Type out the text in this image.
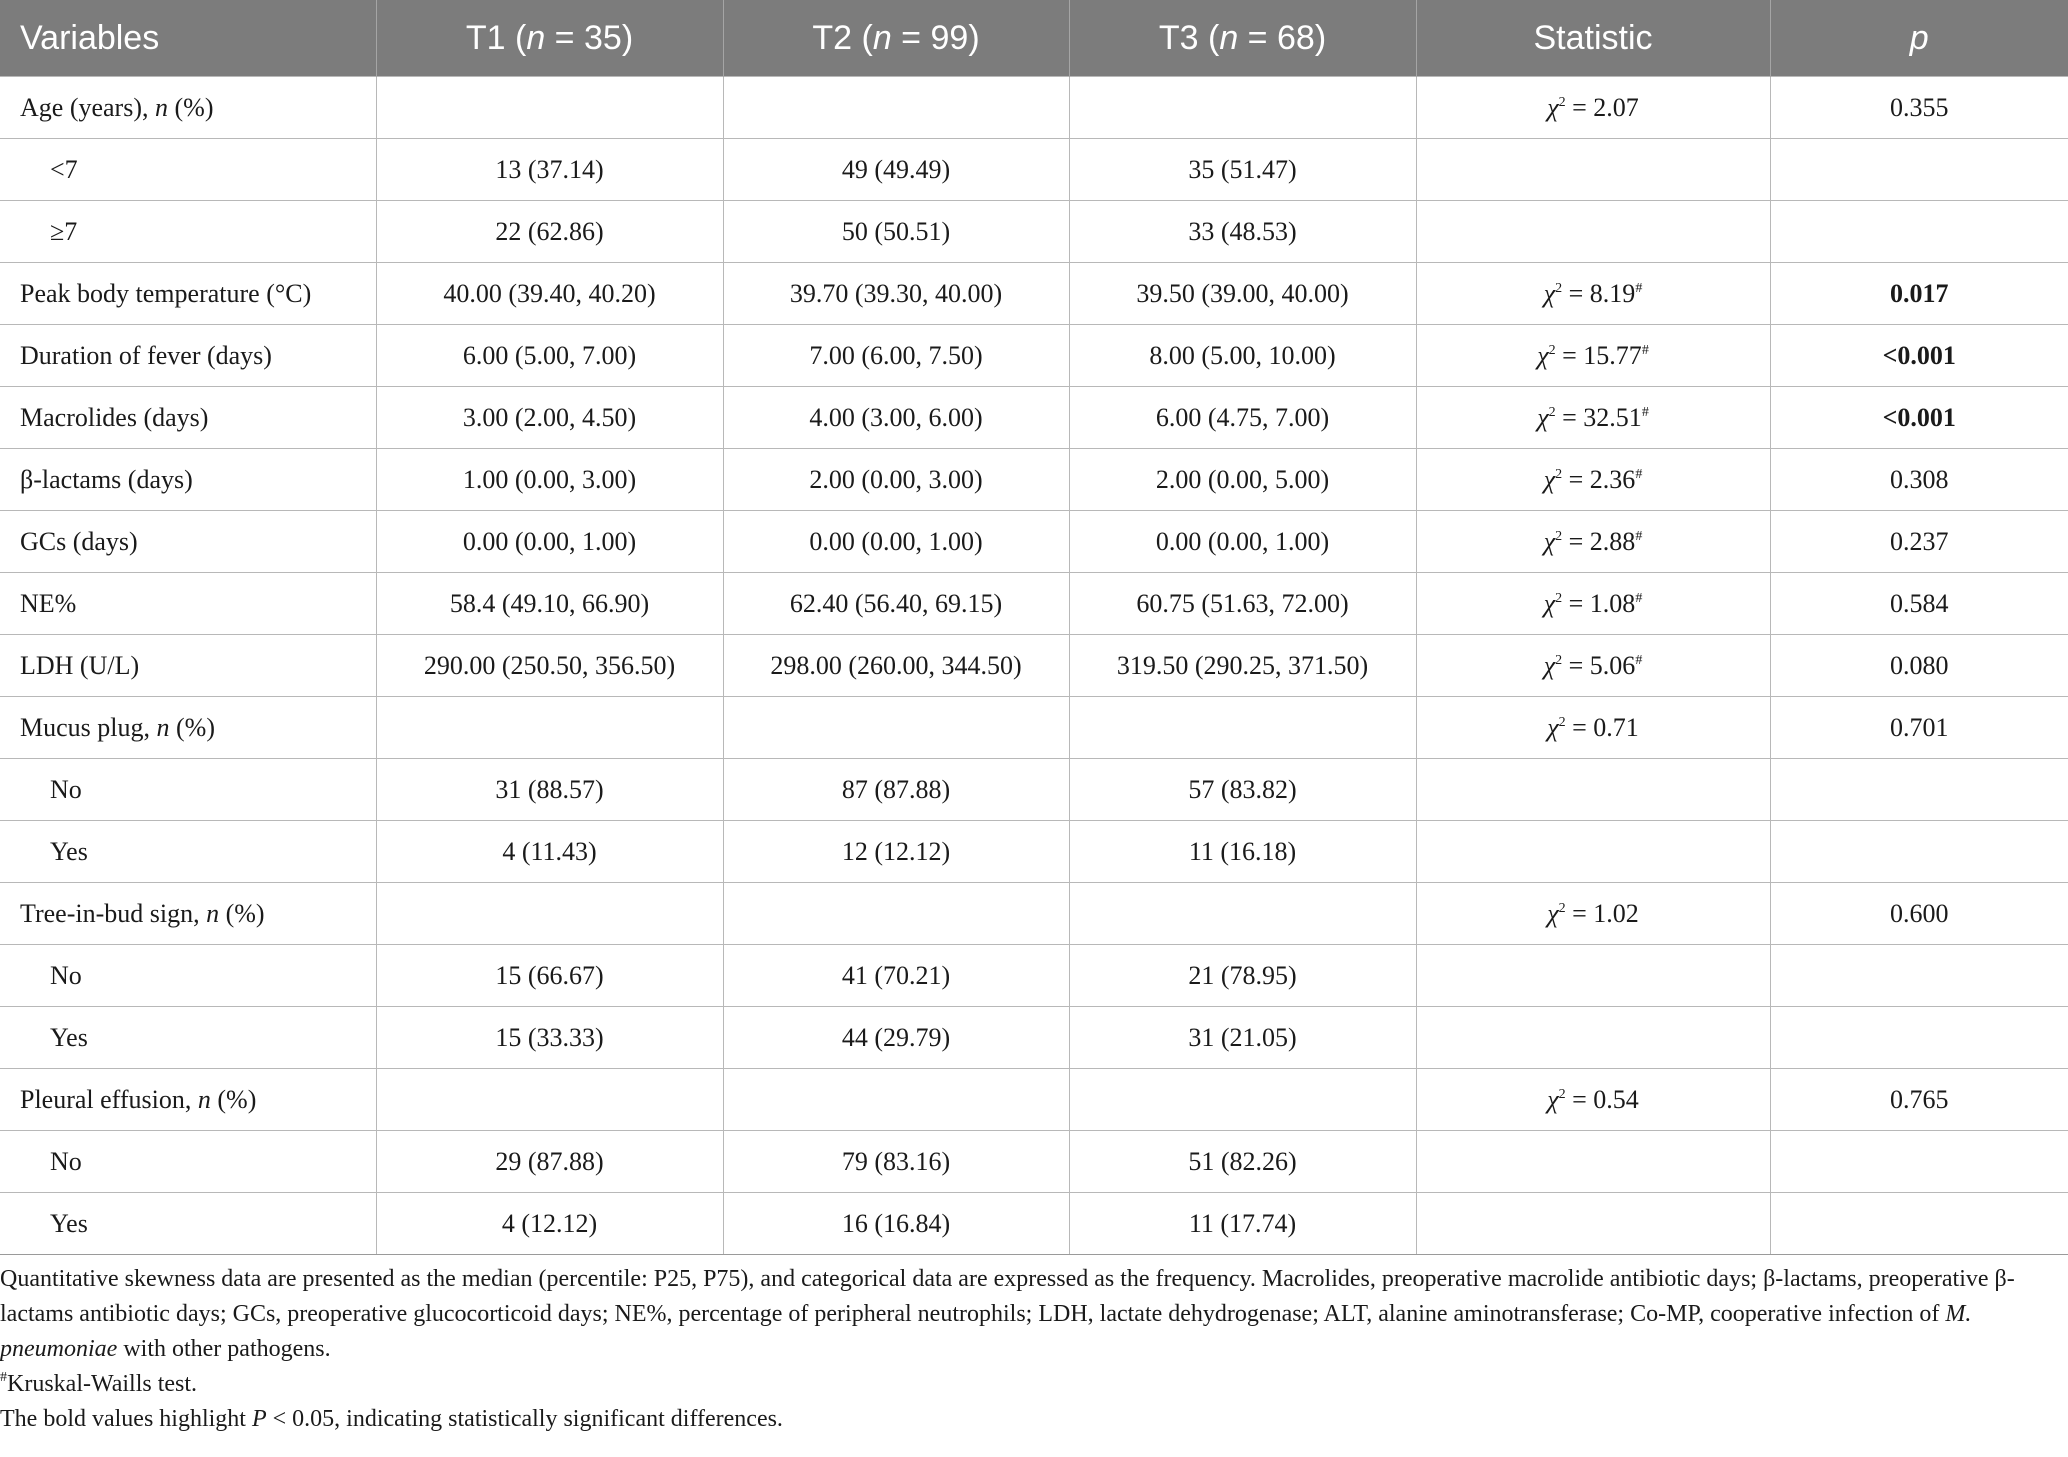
Variables	T1 (n = 35)	T2 (n = 99)	T3 (n = 68)	Statistic	p
Age (years), n (%)				$\chi^2 = 2.07$	0.355
<7	13 (37.14)	49 (49.49)	35 (51.47)		
≥7	22 (62.86)	50 (50.51)	33 (48.53)		
Peak body temperature (°C)	40.00 (39.40, 40.20)	39.70 (39.30, 40.00)	39.50 (39.00, 40.00)	$\chi^2 = 8.19^{\#}$	0.017
Duration of fever (days)	6.00 (5.00, 7.00)	7.00 (6.00, 7.50)	8.00 (5.00, 10.00)	$\chi^2 = 15.77^{\#}$	<0.001
Macrolides (days)	3.00 (2.00, 4.50)	4.00 (3.00, 6.00)	6.00 (4.75, 7.00)	$\chi^2 = 32.51^{\#}$	<0.001
β-lactams (days)	1.00 (0.00, 3.00)	2.00 (0.00, 3.00)	2.00 (0.00, 5.00)	$\chi^2 = 2.36^{\#}$	0.308
GCs (days)	0.00 (0.00, 1.00)	0.00 (0.00, 1.00)	0.00 (0.00, 1.00)	$\chi^2 = 2.88^{\#}$	0.237
NE%	58.4 (49.10, 66.90)	62.40 (56.40, 69.15)	60.75 (51.63, 72.00)	$\chi^2 = 1.08^{\#}$	0.584
LDH (U/L)	290.00 (250.50, 356.50)	298.00 (260.00, 344.50)	319.50 (290.25, 371.50)	$\chi^2 = 5.06^{\#}$	0.080
Mucus plug, n (%)				$\chi^2 = 0.71$	0.701
No	31 (88.57)	87 (87.88)	57 (83.82)		
Yes	4 (11.43)	12 (12.12)	11 (16.18)		
Tree-in-bud sign, n (%)				$\chi^2 = 1.02$	0.600
No	15 (66.67)	41 (70.21)	21 (78.95)		
Yes	15 (33.33)	44 (29.79)	31 (21.05)		
Pleural effusion, n (%)				$\chi^2 = 0.54$	0.765
No	29 (87.88)	79 (83.16)	51 (82.26)		
Yes	4 (12.12)	16 (16.84)	11 (17.74)		

Quantitative skewness data are presented as the median (percentile: P25, P75), and categorical data are expressed as the frequency. Macrolides, preoperative macrolide antibiotic days; β-lactams, preoperative β-lactams antibiotic days; GCs, preoperative glucocorticoid days; NE%, percentage of peripheral neutrophils; LDH, lactate dehydrogenase; ALT, alanine aminotransferase; Co-MP, cooperative infection of M. pneumoniae with other pathogens.

#Kruskal-Waills test.

The bold values highlight P < 0.05, indicating statistically significant differences.
